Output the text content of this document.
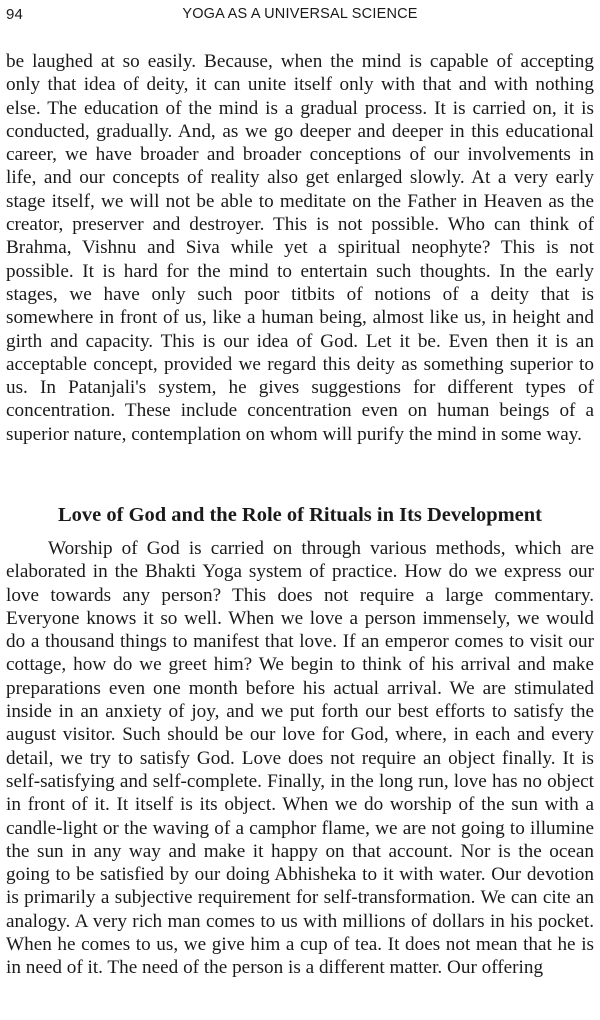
94	YOGA AS A UNIVERSAL SCIENCE

be laughed at so easily. Because, when the mind is capable of accepting only that idea of deity, it can unite itself only with that and with nothing else. The education of the mind is a gradual process. It is carried on, it is conducted, gradually. And, as we go deeper and deeper in this educational career, we have broader and broader conceptions of our involvements in life, and our concepts of reality also get enlarged slowly. At a very early stage itself, we will not be able to meditate on the Father in Heaven as the creator, preserver and destroyer. This is not possible. Who can think of Brahma, Vishnu and Siva while yet a spiritual neophyte? This is not possible. It is hard for the mind to entertain such thoughts. In the early stages, we have only such poor titbits of notions of a deity that is somewhere in front of us, like a human being, almost like us, in height and girth and capacity. This is our idea of God. Let it be. Even then it is an acceptable concept, provided we regard this deity as something superior to us. In Patanjali's system, he gives suggestions for different types of concentration. These include concentration even on human beings of a superior nature, contemplation on whom will purify the mind in some way.

Love of God and the Role of Rituals in Its Development

Worship of God is carried on through various methods, which are elaborated in the Bhakti Yoga system of practice. How do we express our love towards any person? This does not require a large commentary. Everyone knows it so well. When we love a person immensely, we would do a thousand things to manifest that love. If an emperor comes to visit our cottage, how do we greet him? We begin to think of his arrival and make preparations even one month before his actual arrival. We are stimulated inside in an anxiety of joy, and we put forth our best efforts to satisfy the august visitor. Such should be our love for God, where, in each and every detail, we try to satisfy God. Love does not require an object finally. It is self-satisfying and self-complete. Finally, in the long run, love has no object in front of it. It itself is its object. When we do worship of the sun with a candle-light or the waving of a camphor flame, we are not going to illumine the sun in any way and make it happy on that account. Nor is the ocean going to be satisfied by our doing Abhisheka to it with water. Our devotion is primarily a subjective requirement for self-transformation. We can cite an analogy. A very rich man comes to us with millions of dollars in his pocket. When he comes to us, we give him a cup of tea. It does not mean that he is in need of it. The need of the person is a different matter. Our offering
